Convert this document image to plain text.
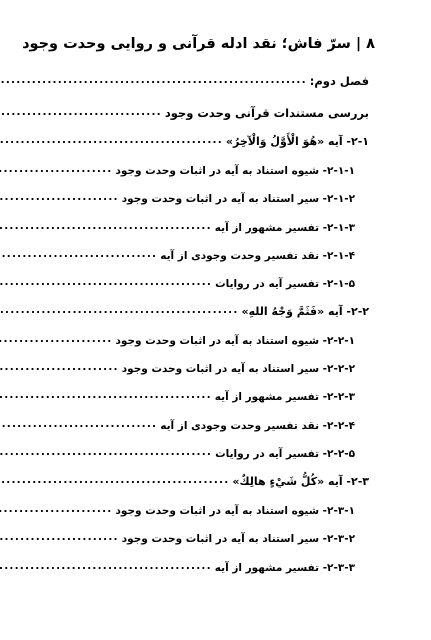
۸|سرّ فاش؛ نقد ادله قرآنی و روایی وحدت وجود
فصل دوم:
.....
بررسی مستندات قرآنی وحدت وجود
.....
۲-۱- آیه «هُوَ الْأَوَّلُ وَالْآخِرُ»
.....
۲-۱-۱- شیوه استناد به آیه در اثبات وحدت وجود
.....
۲-۱-۲- سیر استناد به آیه در اثبات وحدت وجود
.....
۲-۱-۳- تفسیر مشهور از آیه
.....
۲-۱-۴- نقد تفسیر وحدت وجودی از آیه
.....
۲-۱-۵- تفسیر آیه در روایات
.....
۲-۲- آیه «فَثَمَّ وَجْهُ اللهِ»
.....
۲-۲-۱- شیوه استناد به آیه در اثبات وحدت وجود
.....
۲-۲-۲- سیر استناد به آیه در اثبات وحدت وجود
.....
۲-۲-۳- تفسیر مشهور از آیه
.....
۲-۲-۴- نقد تفسیر وحدت وجودی از آیه
.....
۲-۲-۵- تفسیر آیه در روایات
.....
۲-۳- آیه «كُلُّ شَيْءٍ هالِكٌ»
.....
۲-۳-۱- شیوه استناد به آیه در اثبات وحدت وجود
.....
۲-۳-۲- سیر استناد به آیه در اثبات وحدت وجود
.....
۲-۳-۳- تفسیر مشهور از آیه
.....
